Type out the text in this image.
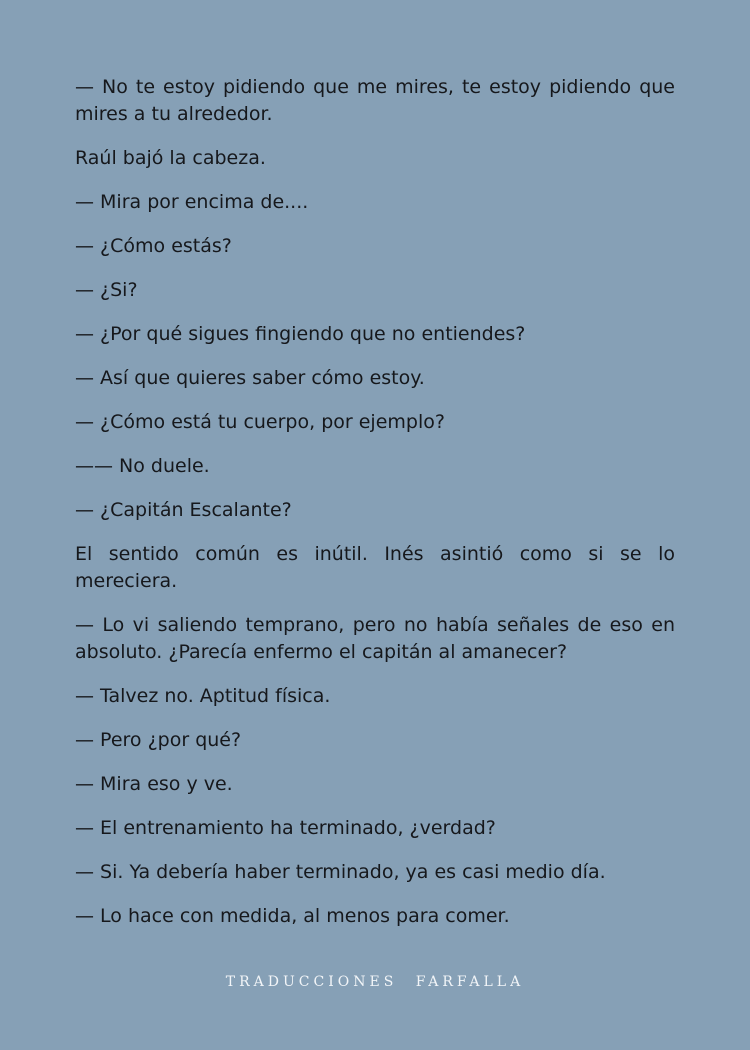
— No te estoy pidiendo que me mires, te estoy pidiendo que mires a tu alrededor.

Raúl bajó la cabeza.

— Mira por encima de....

— ¿Cómo estás?

— ¿Si?

— ¿Por qué sigues fingiendo que no entiendes?

— Así que quieres saber cómo estoy.

— ¿Cómo está tu cuerpo, por ejemplo?

—— No duele.

— ¿Capitán Escalante?

El sentido común es inútil. Inés asintió como si se lo mereciera.

— Lo vi saliendo temprano, pero no había señales de eso en absoluto. ¿Parecía enfermo el capitán al amanecer?

— Talvez no. Aptitud física.

— Pero ¿por qué?

— Mira eso y ve.

— El entrenamiento ha terminado, ¿verdad?

— Si. Ya debería haber terminado, ya es casi medio día.

— Lo hace con medida, al menos para comer.

TRADUCCIONES FARFALLA
